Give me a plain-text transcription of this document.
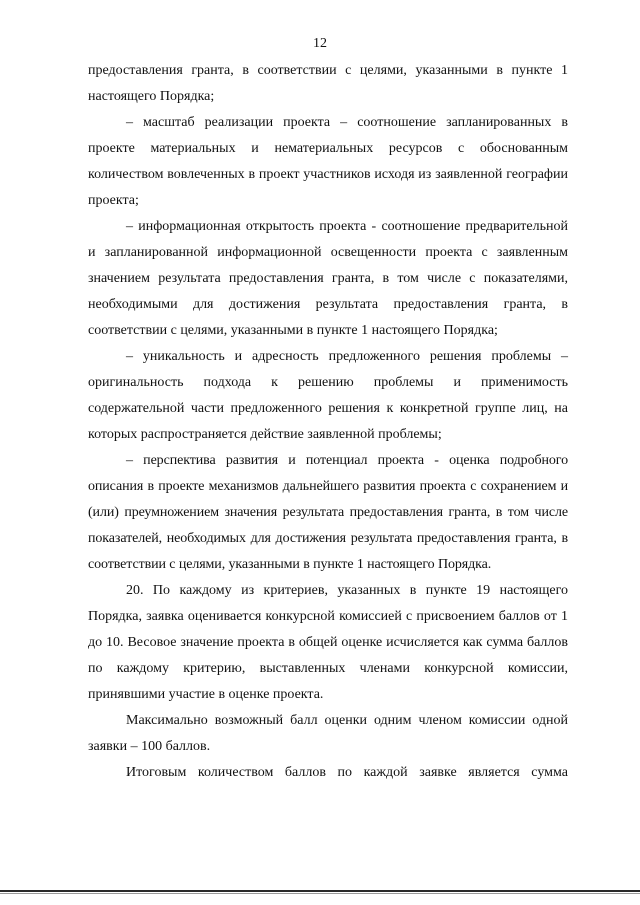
12

предоставления гранта, в соответствии с целями, указанными в пункте 1 настоящего Порядка;

– масштаб реализации проекта – соотношение запланированных в проекте материальных и нематериальных ресурсов с обоснованным количеством вовлеченных в проект участников исходя из заявленной географии проекта;

– информационная открытость проекта - соотношение предварительной и запланированной информационной освещенности проекта с заявленным значением результата предоставления гранта, в том числе с показателями, необходимыми для достижения результата предоставления гранта, в соответствии с целями, указанными в пункте 1 настоящего Порядка;

– уникальность и адресность предложенного решения проблемы – оригинальность подхода к решению проблемы и применимость содержательной части предложенного решения к конкретной группе лиц, на которых распространяется действие заявленной проблемы;

– перспектива развития и потенциал проекта - оценка подробного описания в проекте механизмов дальнейшего развития проекта с сохранением и (или) преумножением значения результата предоставления гранта, в том числе показателей, необходимых для достижения результата предоставления гранта, в соответствии с целями, указанными в пункте 1 настоящего Порядка.

20. По каждому из критериев, указанных в пункте 19 настоящего Порядка, заявка оценивается конкурсной комиссией с присвоением баллов от 1 до 10. Весовое значение проекта в общей оценке исчисляется как сумма баллов по каждому критерию, выставленных членами конкурсной комиссии, принявшими участие в оценке проекта.

Максимально возможный балл оценки одним членом комиссии одной заявки – 100 баллов.

Итоговым количеством баллов по каждой заявке является сумма
